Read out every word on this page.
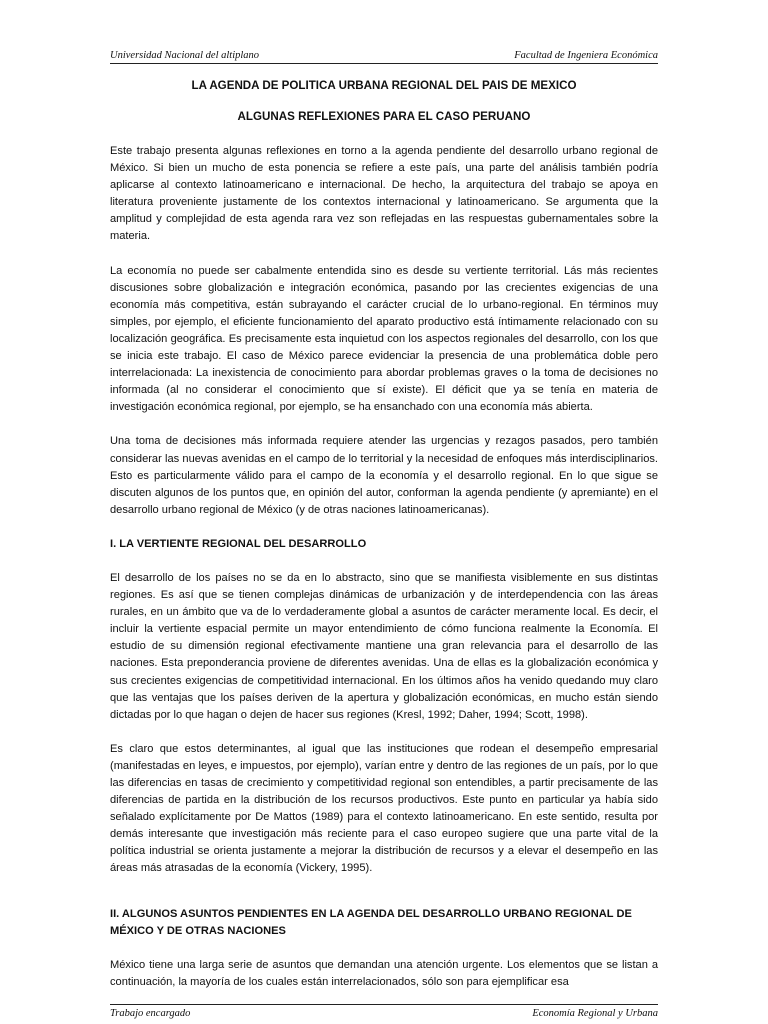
Universidad Nacional del altiplano	Facultad de Ingeniera Económica

LA AGENDA DE POLITICA URBANA REGIONAL DEL PAIS DE MEXICO

ALGUNAS REFLEXIONES PARA EL CASO PERUANO

Este trabajo presenta algunas reflexiones en torno a la agenda pendiente del desarrollo urbano regional de México. Si bien un mucho de esta ponencia se refiere a este país, una parte del análisis también podría aplicarse al contexto latinoamericano e internacional. De hecho, la arquitectura del trabajo se apoya en literatura proveniente justamente de los contextos internacional y latinoamericano. Se argumenta que la amplitud y complejidad de esta agenda rara vez son reflejadas en las respuestas gubernamentales sobre la materia.

La economía no puede ser cabalmente entendida sino es desde su vertiente territorial. Lás más recientes discusiones sobre globalización e integración económica, pasando por las crecientes exigencias de una economía más competitiva, están subrayando el carácter crucial de lo urbano-regional. En términos muy simples, por ejemplo, el eficiente funcionamiento del aparato productivo está íntimamente relacionado con su localización geográfica. Es precisamente esta inquietud con los aspectos regionales del desarrollo, con los que se inicia este trabajo. El caso de México parece evidenciar la presencia de una problemática doble pero interrelacionada: La inexistencia de conocimiento para abordar problemas graves o la toma de decisiones no informada (al no considerar el conocimiento que sí existe). El déficit que ya se tenía en materia de investigación económica regional, por ejemplo, se ha ensanchado con una economía más abierta.

Una toma de decisiones más informada requiere atender las urgencias y rezagos pasados, pero también considerar las nuevas avenidas en el campo de lo territorial y la necesidad de enfoques más interdisciplinarios. Esto es particularmente válido para el campo de la economía y el desarrollo regional. En lo que sigue se discuten algunos de los puntos que, en opinión del autor, conforman la agenda pendiente (y apremiante) en el desarrollo urbano regional de México (y de otras naciones latinoamericanas).

I. LA VERTIENTE REGIONAL DEL DESARROLLO

El desarrollo de los países no se da en lo abstracto, sino que se manifiesta visiblemente en sus distintas regiones. Es así que se tienen complejas dinámicas de urbanización y de interdependencia con las áreas rurales, en un ámbito que va de lo verdaderamente global a asuntos de carácter meramente local. Es decir, el incluir la vertiente espacial permite un mayor entendimiento de cómo funciona realmente la Economía. El estudio de su dimensión regional efectivamente mantiene una gran relevancia para el desarrollo de las naciones. Esta preponderancia proviene de diferentes avenidas. Una de ellas es la globalización económica y sus crecientes exigencias de competitividad internacional. En los últimos años ha venido quedando muy claro que las ventajas que los países deriven de la apertura y globalización económicas, en mucho están siendo dictadas por lo que hagan o dejen de hacer sus regiones (Kresl, 1992; Daher, 1994; Scott, 1998).

Es claro que estos determinantes, al igual que las instituciones que rodean el desempeño empresarial (manifestadas en leyes, e impuestos, por ejemplo), varían entre y dentro de las regiones de un país, por lo que las diferencias en tasas de crecimiento y competitividad regional son entendibles, a partir precisamente de las diferencias de partida en la distribución de los recursos productivos. Este punto en particular ya había sido señalado explícitamente por De Mattos (1989) para el contexto latinoamericano. En este sentido, resulta por demás interesante que investigación más reciente para el caso europeo sugiere que una parte vital de la política industrial se orienta justamente a mejorar la distribución de recursos y a elevar el desempeño en las áreas más atrasadas de la economía (Vickery, 1995).

II. ALGUNOS ASUNTOS PENDIENTES EN LA AGENDA DEL DESARROLLO URBANO REGIONAL DE MÉXICO Y DE OTRAS NACIONES

México tiene una larga serie de asuntos que demandan una atención urgente. Los elementos que se listan a continuación, la mayoría de los cuales están interrelacionados, sólo son para ejemplificar esa

Trabajo encargado	Economía Regional y Urbana
